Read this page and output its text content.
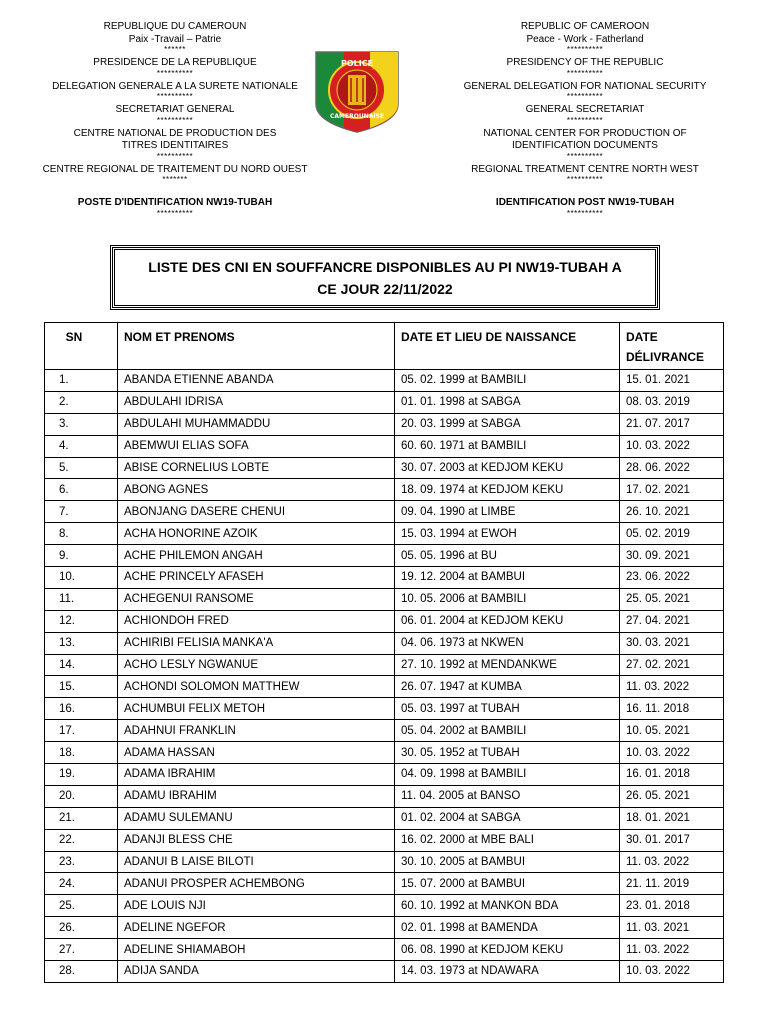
REPUBLIQUE DU CAMEROUN
Paix -Travail – Patrie
******
PRESIDENCE DE LA REPUBLIQUE
**********
DELEGATION GENERALE A LA SURETE NATIONALE
**********
SECRETARIAT GENERAL
**********
CENTRE NATIONAL DE PRODUCTION DES
TITRES IDENTITAIRES
**********
CENTRE REGIONAL DE TRAITEMENT DU NORD OUEST
*******
POSTE D'IDENTIFICATION NW19-TUBAH
**********
POLICE
CAMEROUNAISE
REPUBLIC OF CAMEROON
Peace - Work - Fatherland
**********
PRESIDENCY OF THE REPUBLIC
**********
GENERAL DELEGATION FOR NATIONAL SECURITY
**********
GENERAL SECRETARIAT
**********
NATIONAL CENTER FOR PRODUCTION OF
IDENTIFICATION DOCUMENTS
**********
REGIONAL TREATMENT CENTRE NORTH WEST
**********
IDENTIFICATION POST NW19-TUBAH
**********
LISTE DES CNI EN SOUFFANCRE DISPONIBLES AU PI NW19-TUBAH A
CE JOUR 22/11/2022
SN	NOM ET PRENOMS	DATE ET LIEU DE NAISSANCE	DATE
DÉLIVRANCE

1.	ABANDA ETIENNE ABANDA	05. 02. 1999 at BAMBILI	15. 01. 2021
2.	ABDULAHI IDRISA	01. 01. 1998 at SABGA	08. 03. 2019
3.	ABDULAHI MUHAMMADDU	20. 03. 1999 at SABGA	21. 07. 2017
4.	ABEMWUI ELIAS SOFA	60. 60. 1971 at BAMBILI	10. 03. 2022
5.	ABISE CORNELIUS LOBTE	30. 07. 2003 at KEDJOM KEKU	28. 06. 2022
6.	ABONG AGNES	18. 09. 1974 at KEDJOM KEKU	17. 02. 2021
7.	ABONJANG DASERE CHENUI	09. 04. 1990 at LIMBE	26. 10. 2021
8.	ACHA HONORINE AZOIK	15. 03. 1994 at EWOH	05. 02. 2019
9.	ACHE PHILEMON ANGAH	05. 05. 1996 at BU	30. 09. 2021
10.	ACHE PRINCELY AFASEH	19. 12. 2004 at BAMBUI	23. 06. 2022
11.	ACHEGENUI RANSOME	10. 05. 2006 at BAMBILI	25. 05. 2021
12.	ACHIONDOH FRED	06. 01. 2004 at KEDJOM KEKU	27. 04. 2021
13.	ACHIRIBI FELISIA MANKA'A	04. 06. 1973 at NKWEN	30. 03. 2021
14.	ACHO LESLY NGWANUE	27. 10. 1992 at MENDANKWE	27. 02. 2021
15.	ACHONDI SOLOMON MATTHEW	26. 07. 1947 at KUMBA	11. 03. 2022
16.	ACHUMBUI FELIX METOH	05. 03. 1997 at TUBAH	16. 11. 2018
17.	ADAHNUI FRANKLIN	05. 04. 2002 at BAMBILI	10. 05. 2021
18.	ADAMA HASSAN	30. 05. 1952 at TUBAH	10. 03. 2022
19.	ADAMA IBRAHIM	04. 09. 1998 at BAMBILI	16. 01. 2018
20.	ADAMU IBRAHIM	11. 04. 2005 at BANSO	26. 05. 2021
21.	ADAMU SULEMANU	01. 02. 2004 at SABGA	18. 01. 2021
22.	ADANJI BLESS CHE	16. 02. 2000 at MBE BALI	30. 01. 2017
23.	ADANUI B LAISE BILOTI	30. 10. 2005 at BAMBUI	11. 03. 2022
24.	ADANUI PROSPER ACHEMBONG	15. 07. 2000 at BAMBUI	21. 11. 2019
25.	ADE LOUIS NJI	60. 10. 1992 at MANKON BDA	23. 01. 2018
26.	ADELINE NGEFOR	02. 01. 1998 at BAMENDA	11. 03. 2021
27.	ADELINE SHIAMABOH	06. 08. 1990 at KEDJOM KEKU	11. 03. 2022
28.	ADIJA SANDA	14. 03. 1973 at NDAWARA	10. 03. 2022
